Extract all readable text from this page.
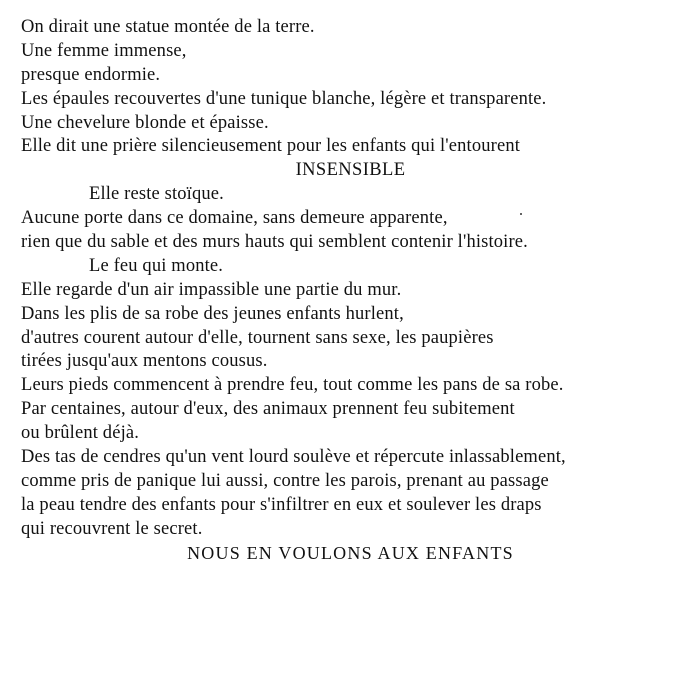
On dirait une statue montée de la terre.
Une femme immense,
presque endormie.
Les épaules recouvertes d'une tunique blanche, légère et transparente.
Une chevelure blonde et épaisse.
Elle dit une prière silencieusement pour les enfants qui l'entourent
INSENSIBLE
Elle reste stoïque.
Aucune porte dans ce domaine, sans demeure apparente,
rien que du sable et des murs hauts qui semblent contenir l'histoire.
Le feu qui monte.
Elle regarde d'un air impassible une partie du mur.
Dans les plis de sa robe des jeunes enfants hurlent,
d'autres courent autour d'elle, tournent sans sexe, les paupières
tirées jusqu'aux mentons cousus.
Leurs pieds commencent à prendre feu, tout comme les pans de sa robe.
Par centaines, autour d'eux, des animaux prennent feu subitement
ou brûlent déjà.
Des tas de cendres qu'un vent lourd soulève et répercute inlassablement,
comme pris de panique lui aussi, contre les parois, prenant au passage
la peau tendre des enfants pour s'infiltrer en eux et soulever les draps
qui recouvrent le secret.
NOUS EN VOULONS AUX ENFANTS
